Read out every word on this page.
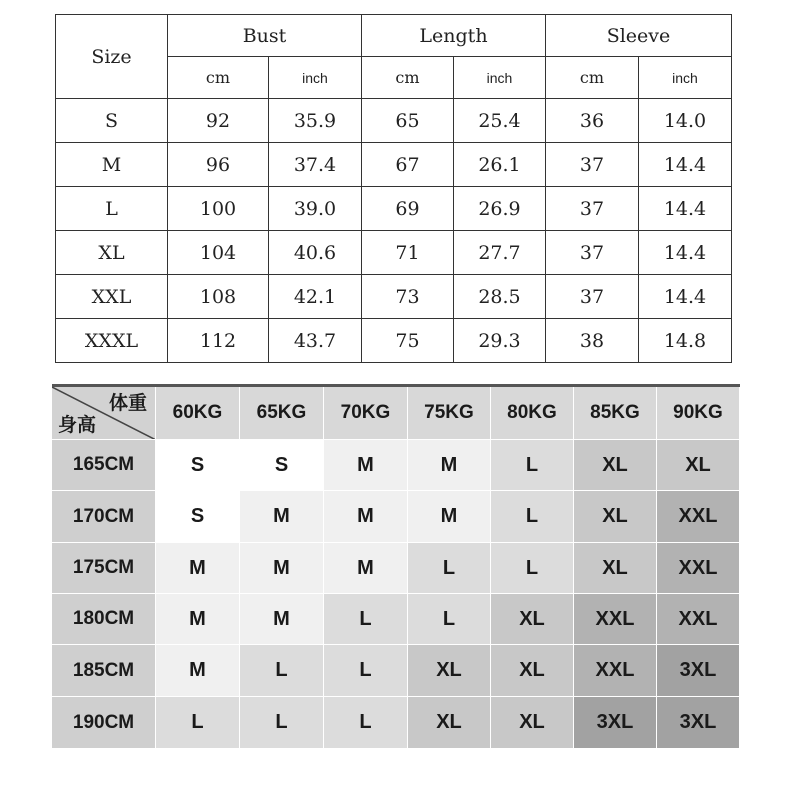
Size	Bust		Length		Sleeve	
	cm	inch	cm	inch	cm	inch
S	92	35.9	65	25.4	36	14.0
M	96	37.4	67	26.1	37	14.4
L	100	39.0	69	26.9	37	14.4
XL	104	40.6	71	27.7	37	14.4
XXL	108	42.1	73	28.5	37	14.4
XXXL	112	43.7	75	29.3	38	14.8
体重
身高
60KG	65KG	70KG	75KG	80KG	85KG	90KG
165CM	S	S	M	M	L	XL	XL
170CM	S	M	M	M	L	XL	XXL
175CM	M	M	M	L	L	XL	XXL
180CM	M	M	L	L	XL	XXL	XXL
185CM	M	L	L	XL	XL	XXL	3XL
190CM	L	L	L	XL	XL	3XL	3XL
